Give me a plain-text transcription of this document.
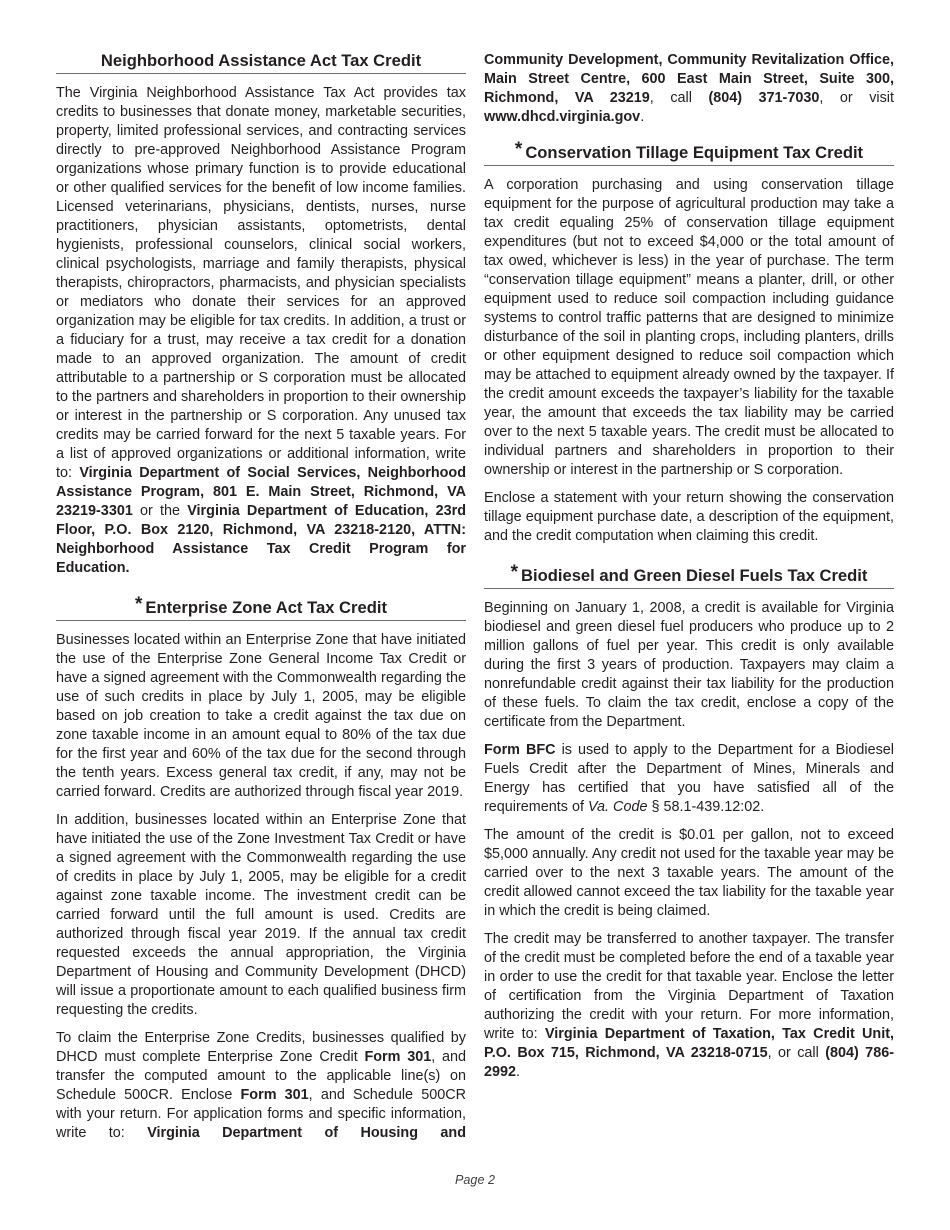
Neighborhood Assistance Act Tax Credit

The Virginia Neighborhood Assistance Tax Act provides tax credits to businesses that donate money, marketable securities, property, limited professional services, and contracting services directly to pre-approved Neighborhood Assistance Program organizations whose primary function is to provide educational or other qualified services for the benefit of low income families. Licensed veterinarians, physicians, dentists, nurses, nurse practitioners, physician assistants, optometrists, dental hygienists, professional counselors, clinical social workers, clinical psychologists, marriage and family therapists, physical therapists, chiropractors, pharmacists, and physician specialists or mediators who donate their services for an approved organization may be eligible for tax credits. In addition, a trust or a fiduciary for a trust, may receive a tax credit for a donation made to an approved organization. The amount of credit attributable to a partnership or S corporation must be allocated to the partners and shareholders in proportion to their ownership or interest in the partnership or S corporation. Any unused tax credits may be carried forward for the next 5 taxable years. For a list of approved organizations or additional information, write to: Virginia Department of Social Services, Neighborhood Assistance Program, 801 E. Main Street, Richmond, VA 23219-3301 or the Virginia Department of Education, 23rd Floor, P.O. Box 2120, Richmond, VA 23218-2120, ATTN: Neighborhood Assistance Tax Credit Program for Education.

* Enterprise Zone Act Tax Credit

Businesses located within an Enterprise Zone that have initiated the use of the Enterprise Zone General Income Tax Credit or have a signed agreement with the Commonwealth regarding the use of such credits in place by July 1, 2005, may be eligible based on job creation to take a credit against the tax due on zone taxable income in an amount equal to 80% of the tax due for the first year and 60% of the tax due for the second through the tenth years. Excess general tax credit, if any, may not be carried forward. Credits are authorized through fiscal year 2019.

In addition, businesses located within an Enterprise Zone that have initiated the use of the Zone Investment Tax Credit or have a signed agreement with the Commonwealth regarding the use of credits in place by July 1, 2005, may be eligible for a credit against zone taxable income. The investment credit can be carried forward until the full amount is used. Credits are authorized through fiscal year 2019. If the annual tax credit requested exceeds the annual appropriation, the Virginia Department of Housing and Community Development (DHCD) will issue a proportionate amount to each qualified business firm requesting the credits.

To claim the Enterprise Zone Credits, businesses qualified by DHCD must complete Enterprise Zone Credit Form 301, and transfer the computed amount to the applicable line(s) on Schedule 500CR. Enclose Form 301, and Schedule 500CR with your return. For application forms and specific information, write to: Virginia Department of Housing and

Community Development, Community Revitalization Office, Main Street Centre, 600 East Main Street, Suite 300, Richmond, VA 23219, call (804) 371-7030, or visit www.dhcd.virginia.gov.

* Conservation Tillage Equipment Tax Credit

A corporation purchasing and using conservation tillage equipment for the purpose of agricultural production may take a tax credit equaling 25% of conservation tillage equipment expenditures (but not to exceed $4,000 or the total amount of tax owed, whichever is less) in the year of purchase. The term “conservation tillage equipment” means a planter, drill, or other equipment used to reduce soil compaction including guidance systems to control traffic patterns that are designed to minimize disturbance of the soil in planting crops, including planters, drills or other equipment designed to reduce soil compaction which may be attached to equipment already owned by the taxpayer. If the credit amount exceeds the taxpayer’s liability for the taxable year, the amount that exceeds the tax liability may be carried over to the next 5 taxable years. The credit must be allocated to individual partners and shareholders in proportion to their ownership or interest in the partnership or S corporation.

Enclose a statement with your return showing the conservation tillage equipment purchase date, a description of the equipment, and the credit computation when claiming this credit.

* Biodiesel and Green Diesel Fuels Tax Credit

Beginning on January 1, 2008, a credit is available for Virginia biodiesel and green diesel fuel producers who produce up to 2 million gallons of fuel per year. This credit is only available during the first 3 years of production. Taxpayers may claim a nonrefundable credit against their tax liability for the production of these fuels. To claim the tax credit, enclose a copy of the certificate from the Department.

Form BFC is used to apply to the Department for a Biodiesel Fuels Credit after the Department of Mines, Minerals and Energy has certified that you have satisfied all of the requirements of Va. Code § 58.1-439.12:02.

The amount of the credit is $0.01 per gallon, not to exceed $5,000 annually. Any credit not used for the taxable year may be carried over to the next 3 taxable years. The amount of the credit allowed cannot exceed the tax liability for the taxable year in which the credit is being claimed.

The credit may be transferred to another taxpayer. The transfer of the credit must be completed before the end of a taxable year in order to use the credit for that taxable year. Enclose the letter of certification from the Virginia Department of Taxation authorizing the credit with your return. For more information, write to: Virginia Department of Taxation, Tax Credit Unit, P.O. Box 715, Richmond, VA 23218-0715, or call (804) 786-2992.

Page 2
